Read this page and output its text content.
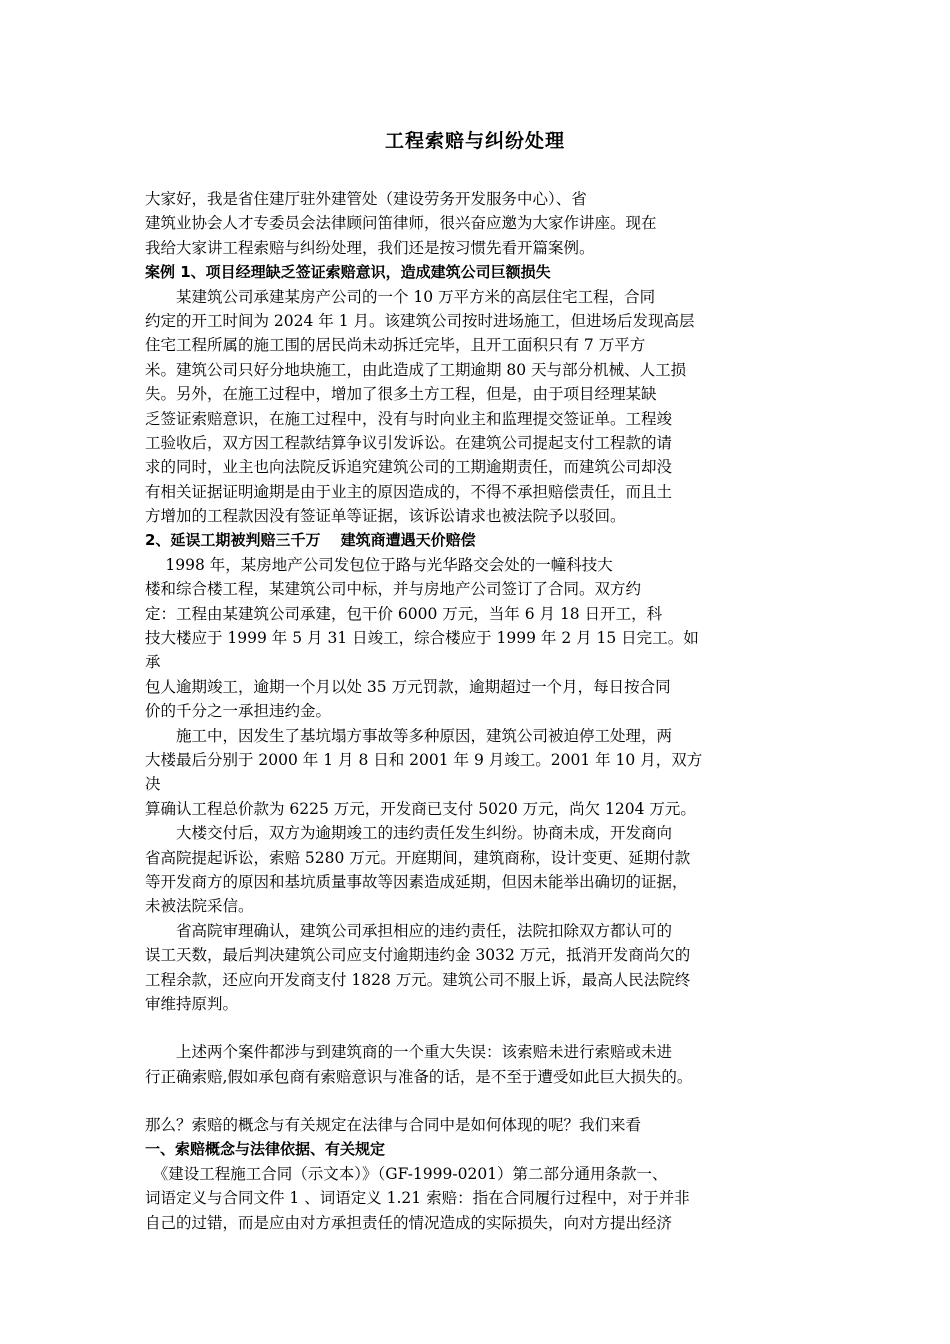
工程索赔与纠纷处理
大家好，我是省住建厅驻外建管处（建设劳务开发服务中心）、省
建筑业协会人才专委员会法律顾问笛律师，很兴奋应邀为大家作讲座。现在
我给大家讲工程索赔与纠纷处理，我们还是按习惯先看开篇案例。
案例 1、项目经理缺乏签证索赔意识，造成建筑公司巨额损失
　　某建筑公司承建某房产公司的一个 10 万平方米的高层住宅工程，合同
约定的开工时间为 2024 年 1 月。该建筑公司按时进场施工，但进场后发现高层
住宅工程所属的施工围的居民尚未动拆迁完毕，且开工面积只有 7 万平方
米。建筑公司只好分地块施工，由此造成了工期逾期 80 天与部分机械、人工损
失。另外，在施工过程中，增加了很多土方工程，但是，由于项目经理某缺
乏签证索赔意识，在施工过程中，没有与时向业主和监理提交签证单。工程竣
工验收后，双方因工程款结算争议引发诉讼。在建筑公司提起支付工程款的请
求的同时，业主也向法院反诉追究建筑公司的工期逾期责任，而建筑公司却没
有相关证据证明逾期是由于业主的原因造成的，不得不承担赔偿责任，而且土
方增加的工程款因没有签证单等证据，该诉讼请求也被法院予以驳回。
2、延误工期被判赔三千万　 建筑商遭遇天价赔偿
　 1998 年，某房地产公司发包位于路与光华路交会处的一幢科技大
楼和综合楼工程，某建筑公司中标，并与房地产公司签订了合同。双方约
定：工程由某建筑公司承建，包干价 6000 万元，当年 6 月 18 日开工，科
技大楼应于 1999 年 5 月 31 日竣工，综合楼应于 1999 年 2 月 15 日完工。如
承
包人逾期竣工，逾期一个月以处 35 万元罚款，逾期超过一个月，每日按合同
价的千分之一承担违约金。
　　施工中，因发生了基坑塌方事故等多种原因，建筑公司被迫停工处理，两
大楼最后分别于 2000 年 1 月 8 日和 2001 年 9 月竣工。2001 年 10 月，双方
决
算确认工程总价款为 6225 万元，开发商已支付 5020 万元，尚欠 1204 万元。
　　大楼交付后，双方为逾期竣工的违约责任发生纠纷。协商未成，开发商向
省高院提起诉讼，索赔 5280 万元。开庭期间，建筑商称，设计变更、延期付款
等开发商方的原因和基坑质量事故等因素造成延期，但因未能举出确切的证据，
未被法院采信。
　　省高院审理确认，建筑公司承担相应的违约责任，法院扣除双方都认可的
误工天数，最后判决建筑公司应支付逾期违约金 3032 万元，抵消开发商尚欠的
工程余款，还应向开发商支付 1828 万元。建筑公司不服上诉，最高人民法院终
审维持原判。
　　上述两个案件都涉与到建筑商的一个重大失误：该索赔未进行索赔或未进
行正确索赔,假如承包商有索赔意识与准备的话，是不至于遭受如此巨大损失的。
那么？索赔的概念与有关规定在法律与合同中是如何体现的呢？我们来看
一、索赔概念与法律依据、有关规定
　《建设工程施工合同（示文本）》（GF-1999-0201）第二部分通用条款一、
词语定义与合同文件 1 、词语定义 1.21 索赔：指在合同履行过程中，对于并非
自己的过错，而是应由对方承担责任的情况造成的实际损失，向对方提出经济
